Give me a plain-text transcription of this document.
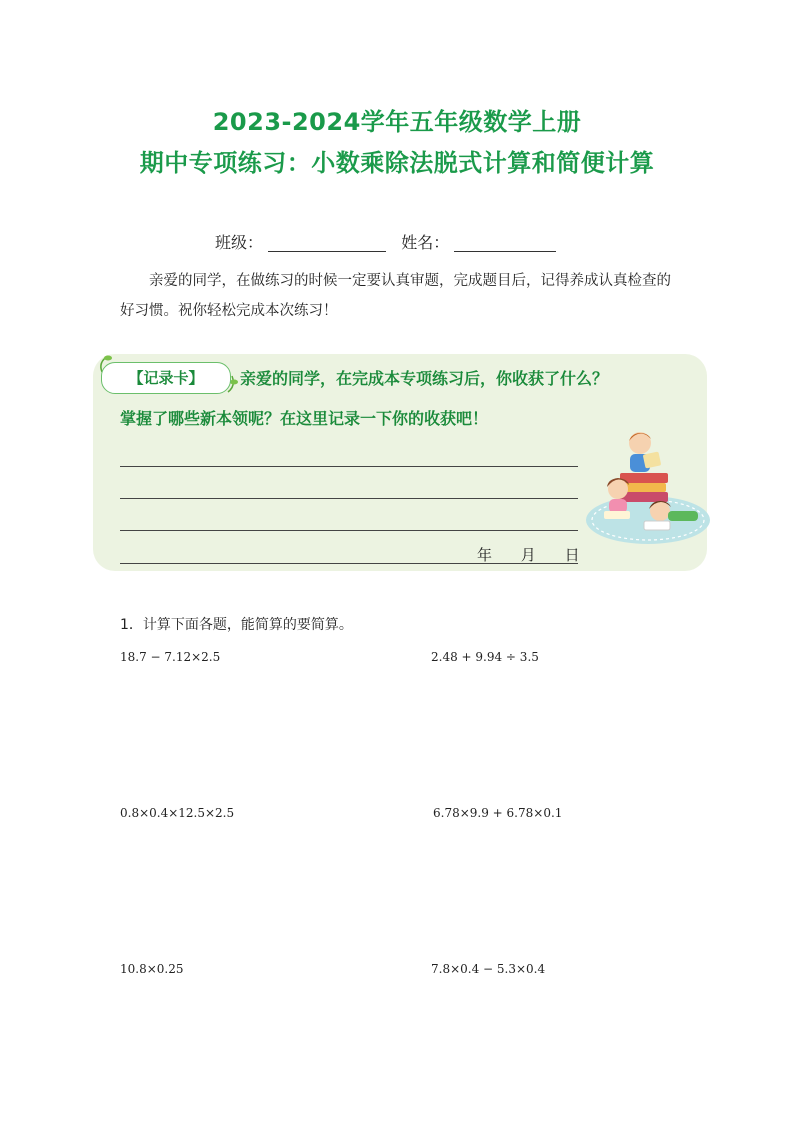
2023-2024学年五年级数学上册
期中专项练习：小数乘除法脱式计算和简便计算
班级：	姓名：
亲爱的同学，在做练习的时候一定要认真审题，完成题目后，记得养成认真检查的好习惯。祝你轻松完成本次练习！
【记录卡】	亲爱的同学，在完成本专项练习后，你收获了什么？
掌握了哪些新本领呢？在这里记录一下你的收获吧！
年 月 日
1．计算下面各题，能简算的要简算。
18.7 − 7.12×2.5	2.48 + 9.94 ÷ 3.5
0.8×0.4×12.5×2.5	6.78×9.9 + 6.78×0.1
10.8×0.25	7.8×0.4 − 5.3×0.4
